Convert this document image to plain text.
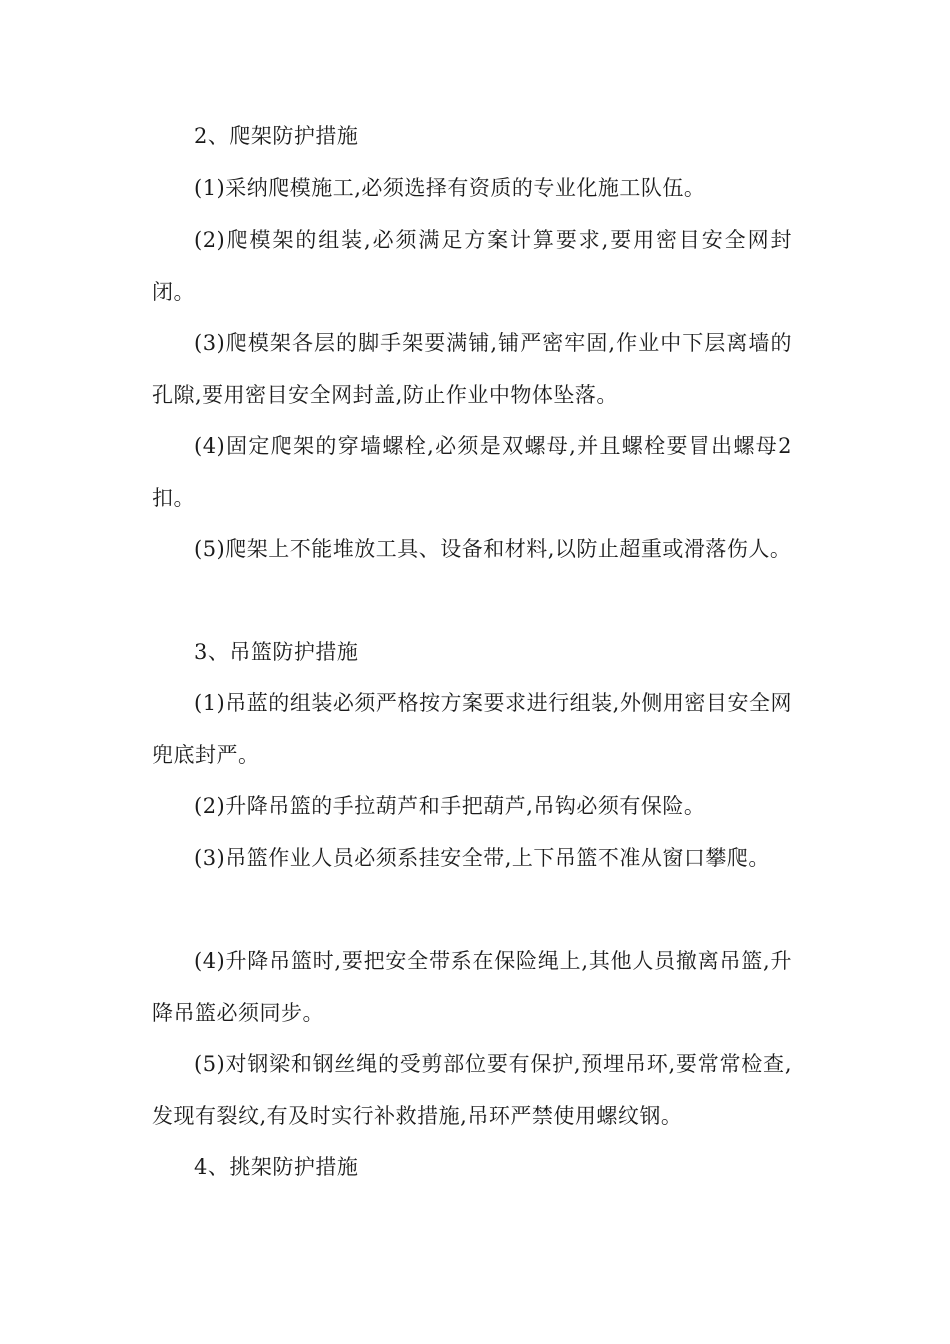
2、爬架防护措施

(1)采纳爬模施工,必须选择有资质的专业化施工队伍。

(2)爬模架的组装,必须满足方案计算要求,要用密目安全网封闭。

(3)爬模架各层的脚手架要满铺,铺严密牢固,作业中下层离墙的孔隙,要用密目安全网封盖,防止作业中物体坠落。

(4)固定爬架的穿墙螺栓,必须是双螺母,并且螺栓要冒出螺母2扣。

(5)爬架上不能堆放工具、设备和材料,以防止超重或滑落伤人。

3、吊篮防护措施

(1)吊蓝的组装必须严格按方案要求进行组装,外侧用密目安全网兜底封严。

(2)升降吊篮的手拉葫芦和手把葫芦,吊钩必须有保险。

(3)吊篮作业人员必须系挂安全带,上下吊篮不准从窗口攀爬。

(4)升降吊篮时,要把安全带系在保险绳上,其他人员撤离吊篮,升降吊篮必须同步。

(5)对钢梁和钢丝绳的受剪部位要有保护,预埋吊环,要常常检查,发现有裂纹,有及时实行补救措施,吊环严禁使用螺纹钢。

4、挑架防护措施
